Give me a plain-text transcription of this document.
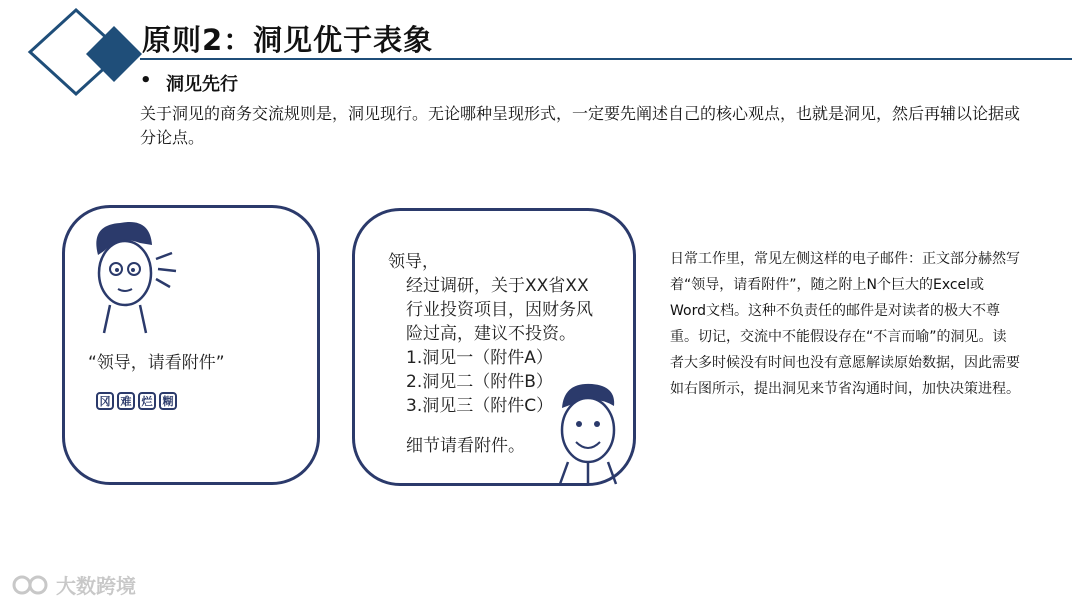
原则2：洞见优于表象
• 洞见先行
关于洞见的商务交流规则是，洞见现行。无论哪种呈现形式，一定要先阐述自己的核心观点，也就是洞见，然后再辅以论据或分论点。
“领导，请看附件”
冈 难 烂 糊
领导，
经过调研，关于XX省XX
行业投资项目，因财务风
险过高，建议不投资。
1.洞见一（附件A）
2.洞见二（附件B）
3.洞见三（附件C）
细节请看附件。
日常工作里，常见左侧这样的电子邮件：正文部分赫然写着“领导，请看附件”，随之附上N个巨大的Excel或Word文档。这种不负责任的邮件是对读者的极大不尊重。切记，交流中不能假设存在“不言而喻”的洞见。读者大多时候没有时间也没有意愿解读原始数据，因此需要如右图所示，提出洞见来节省沟通时间，加快决策进程。
大数跨境
